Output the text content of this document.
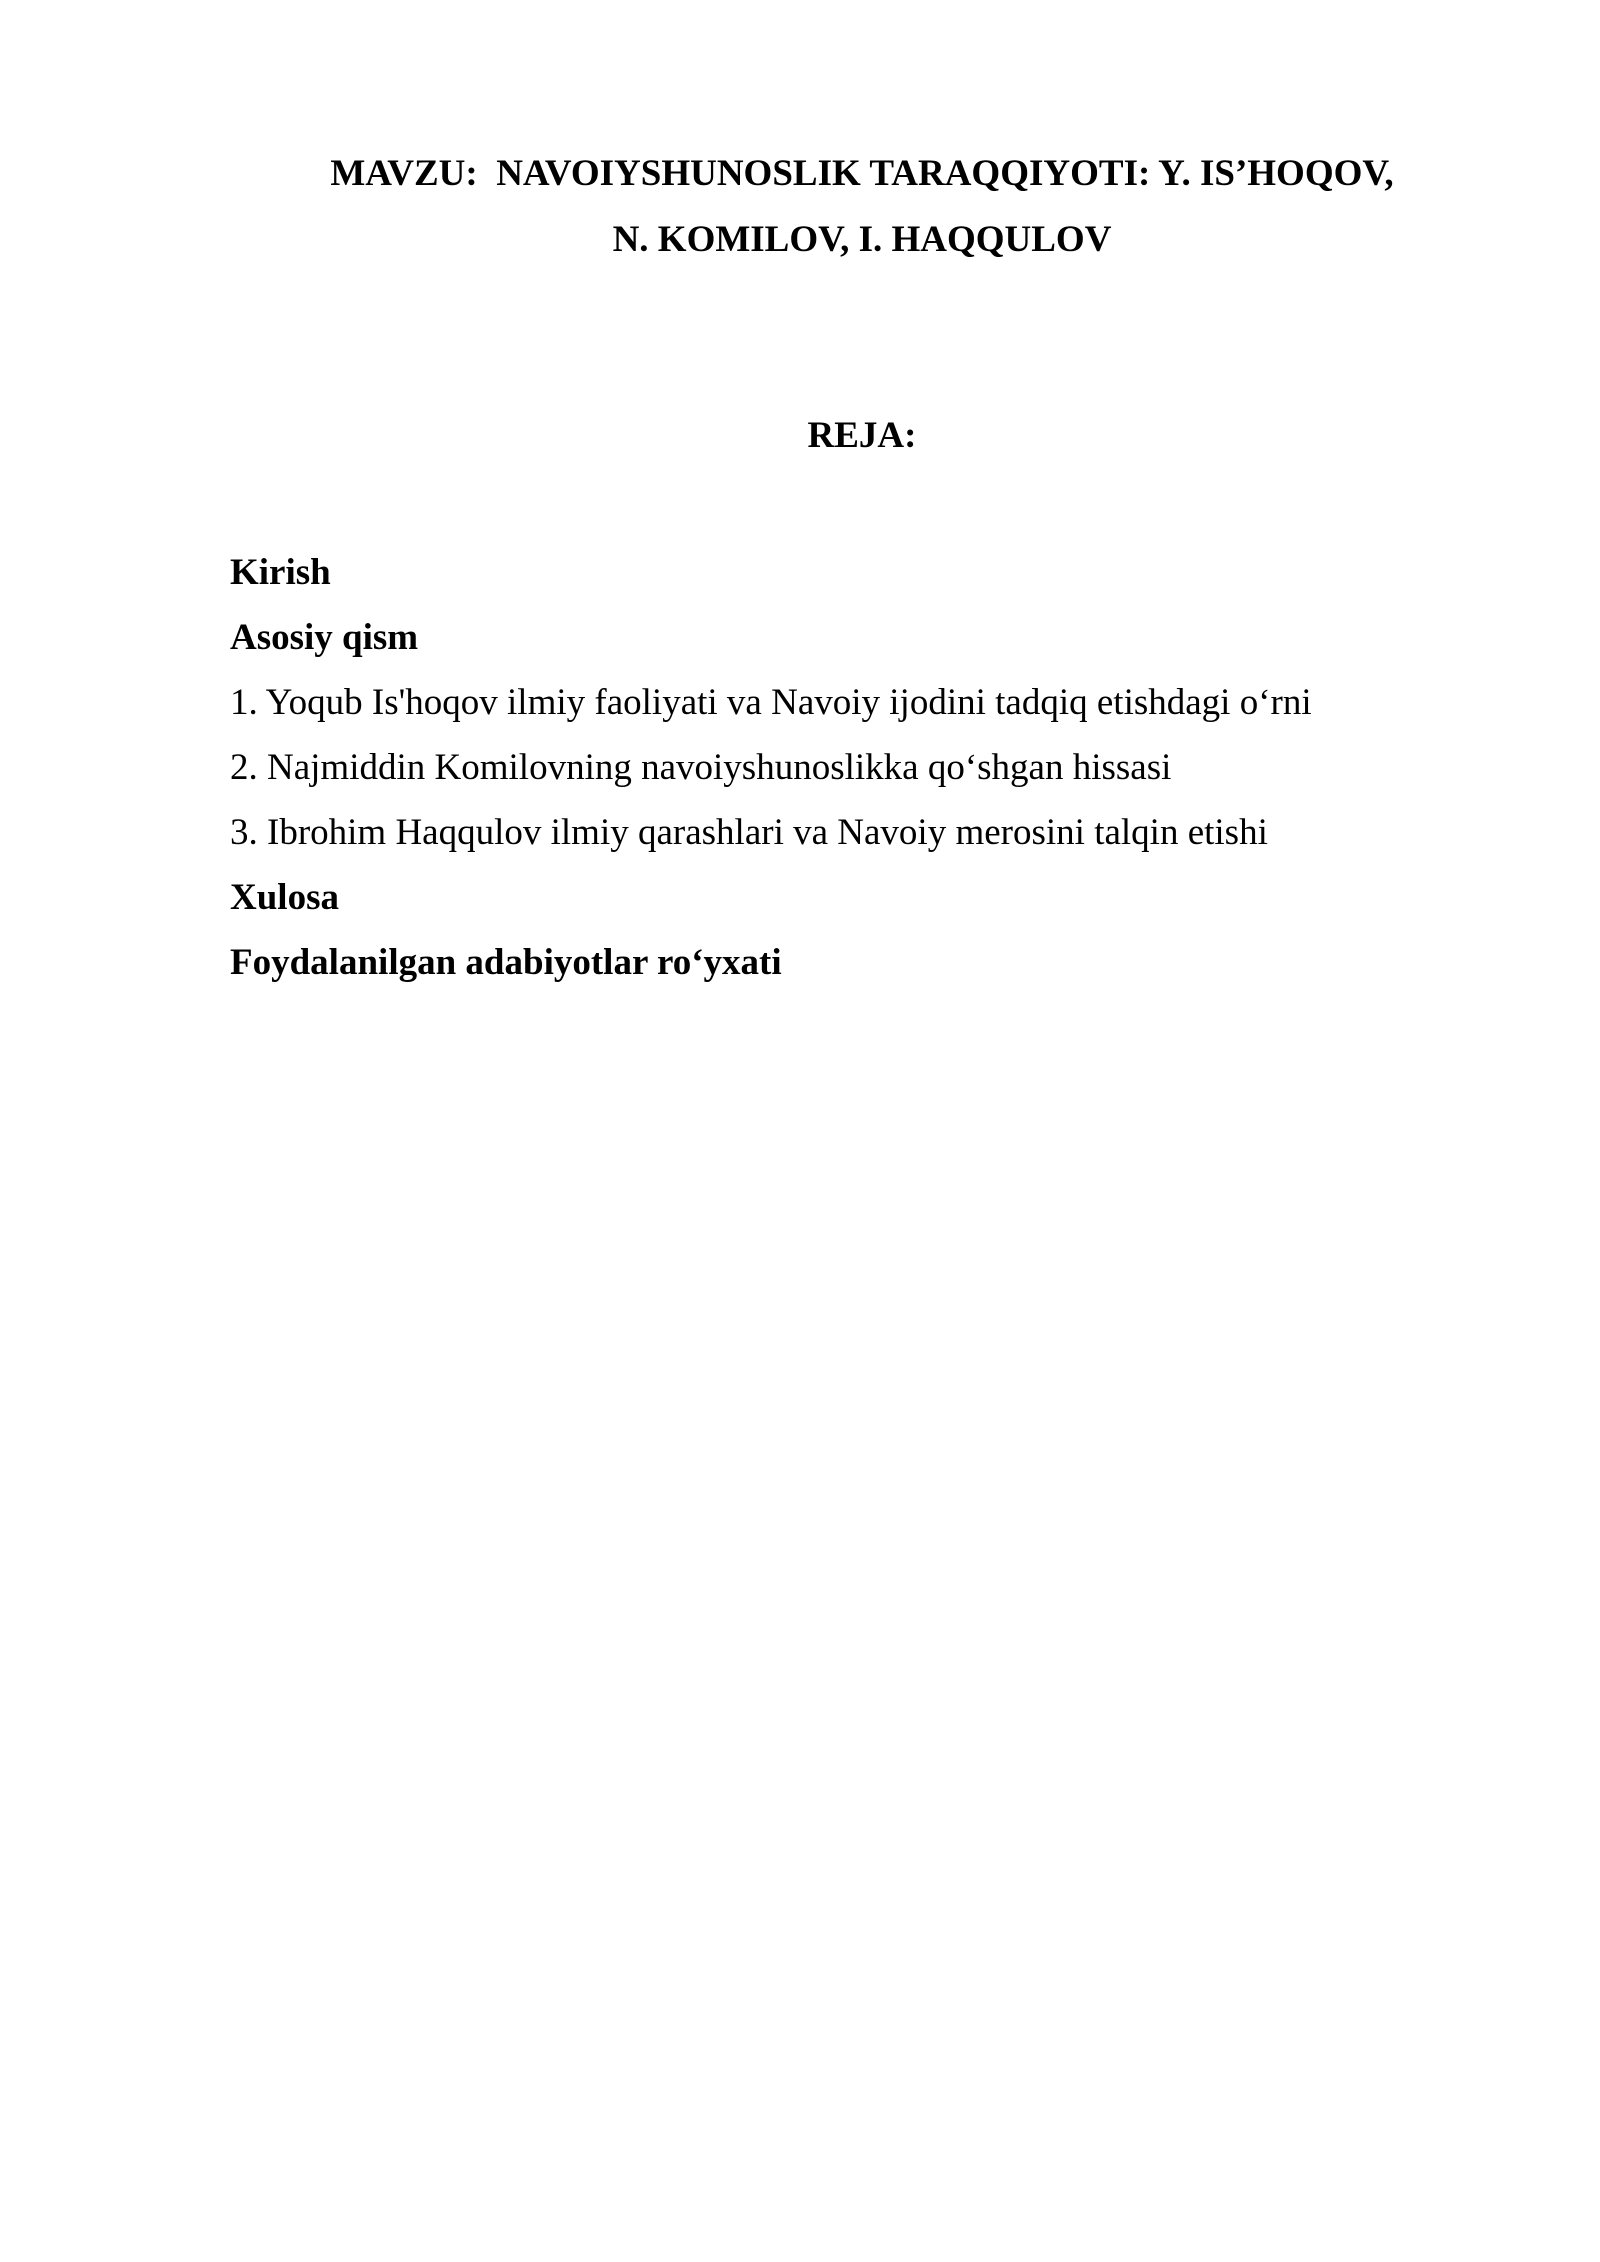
MAVZU:  NAVOIYSHUNOSLIK TARAQQIYOTI: Y. IS’HOQOV,
N. KOMILOV, I. HAQQULOV
REJA:
Kirish
Asosiy qism
1. Yoqub Is'hoqov ilmiy faoliyati va Navoiy ijodini tadqiq etishdagi o‘rni
2. Najmiddin Komilovning navoiyshunoslikka qo‘shgan hissasi
3. Ibrohim Haqqulov ilmiy qarashlari va Navoiy merosini talqin etishi
Xulosa
Foydalanilgan adabiyotlar ro‘yxati
